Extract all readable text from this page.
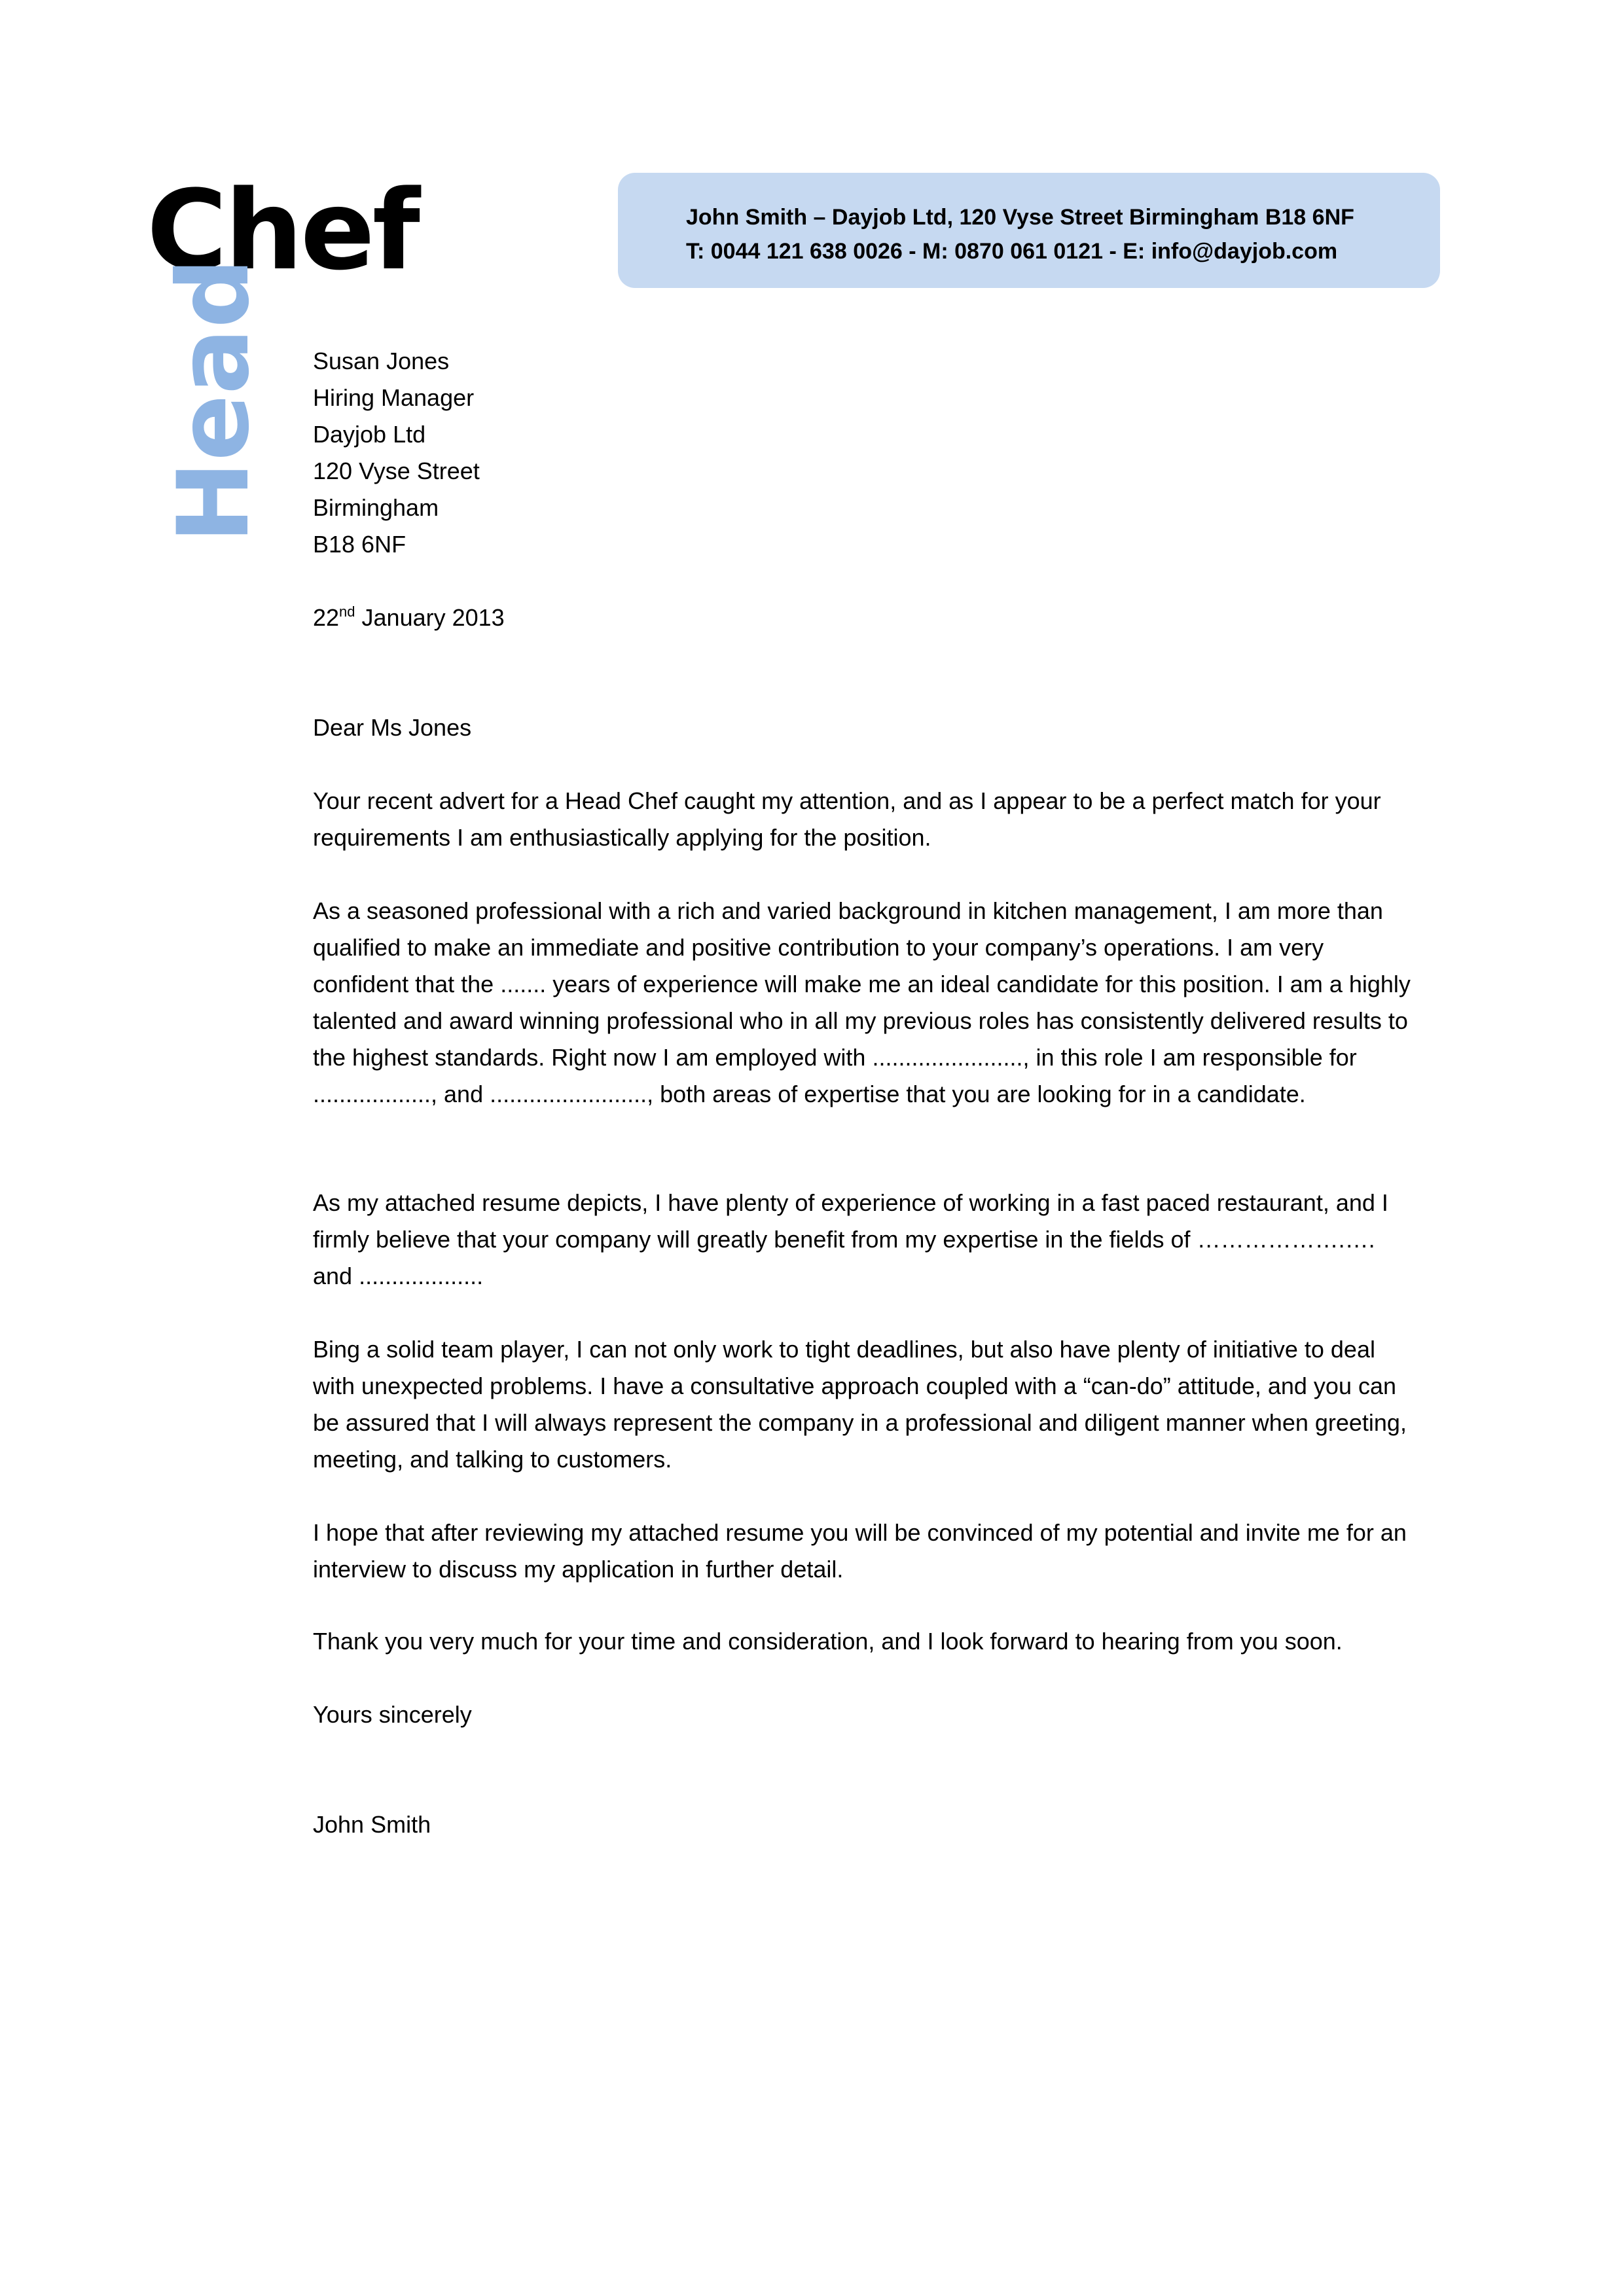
Chef
Head
John Smith – Dayjob Ltd, 120 Vyse Street Birmingham B18 6NF
T: 0044 121 638 0026 - M: 0870 061 0121 - E: info@dayjob.com
Susan Jones
Hiring Manager
Dayjob Ltd
120 Vyse Street
Birmingham
B18 6NF
22nd January 2013
Dear Ms Jones

Your recent advert for a Head Chef caught my attention, and as I appear to be a perfect match for your requirements I am enthusiastically applying for the position.

As a seasoned professional with a rich and varied background in kitchen management, I am more than qualified to make an immediate and positive contribution to your company’s operations. I am very confident that the ....... years of experience will make me an ideal candidate for this position. I am a highly talented and award winning professional who in all my previous roles has consistently delivered results to the highest standards. Right now I am employed with ......................., in this role I am responsible for .................., and ........................, both areas of expertise that you are looking for in a candidate.

As my attached resume depicts, I have plenty of experience of working in a fast paced restaurant, and I firmly believe that your company will greatly benefit from my expertise in the fields of ……………….…. and ...................

Bing a solid team player, I can not only work to tight deadlines, but also have plenty of initiative to deal with unexpected problems. I have a consultative approach coupled with a “can-do” attitude, and you can be assured that I will always represent the company in a professional and diligent manner when greeting, meeting, and talking to customers.

I hope that after reviewing my attached resume you will be convinced of my potential and invite me for an interview to discuss my application in further detail.

Thank you very much for your time and consideration, and I look forward to hearing from you soon.

Yours sincerely
John Smith
